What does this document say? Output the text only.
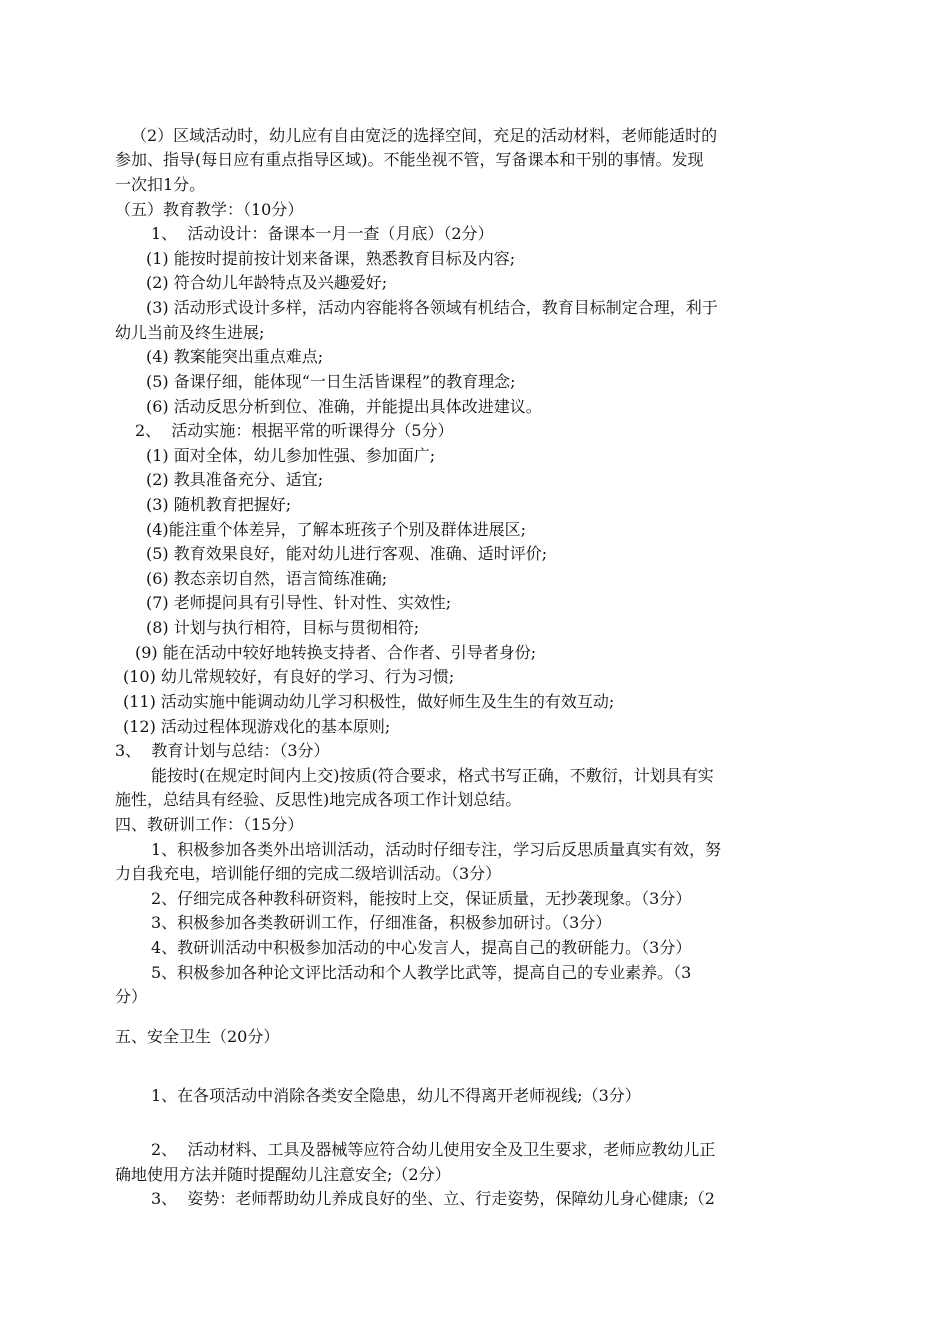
（2）区域活动时，幼儿应有自由宽泛的选择空间，充足的活动材料，老师能适时的
参加、指导(每日应有重点指导区域)。不能坐视不管，写备课本和干别的事情。发现
一次扣1分。
（五）教育教学：（10分）
1、  活动设计：备课本一月一查（月底）（2分）
(1) 能按时提前按计划来备课，熟悉教育目标及内容;
(2) 符合幼儿年龄特点及兴趣爱好;
(3) 活动形式设计多样，活动内容能将各领域有机结合，教育目标制定合理，利于
幼儿当前及终生进展;
(4) 教案能突出重点难点;
(5) 备课仔细，能体现“一日生活皆课程”的教育理念;
(6) 活动反思分析到位、准确，并能提出具体改进建议。
2、  活动实施：根据平常的听课得分（5分）
(1) 面对全体，幼儿参加性强、参加面广;
(2) 教具准备充分、适宜;
(3) 随机教育把握好;
(4)能注重个体差异，了解本班孩子个别及群体进展区;
(5) 教育效果良好，能对幼儿进行客观、准确、适时评价;
(6) 教态亲切自然，语言简练准确;
(7) 老师提问具有引导性、针对性、实效性;
(8) 计划与执行相符，目标与贯彻相符;
(9) 能在活动中较好地转换支持者、合作者、引导者身份;
(10) 幼儿常规较好，有良好的学习、行为习惯;
(11) 活动实施中能调动幼儿学习积极性，做好师生及生生的有效互动;
(12) 活动过程体现游戏化的基本原则;
3、  教育计划与总结：（3分）
能按时(在规定时间内上交)按质(符合要求，格式书写正确，不敷衍，计划具有实
施性，总结具有经验、反思性)地完成各项工作计划总结。
四、教研训工作：（15分）
1、积极参加各类外出培训活动，活动时仔细专注，学习后反思质量真实有效，努
力自我充电，培训能仔细的完成二级培训活动。（3分）
2、仔细完成各种教科研资料，能按时上交，保证质量，无抄袭现象。（3分）
3、积极参加各类教研训工作，仔细准备，积极参加研讨。（3分）
4、教研训活动中积极参加活动的中心发言人，提高自己的教研能力。（3分）
5、积极参加各种论文评比活动和个人教学比武等，提高自己的专业素养。（3
分）
五、安全卫生（20分）
1、在各项活动中消除各类安全隐患，幼儿不得离开老师视线;（3分）
2、  活动材料、工具及器械等应符合幼儿使用安全及卫生要求，老师应教幼儿正
确地使用方法并随时提醒幼儿注意安全;（2分）
3、  姿势：老师帮助幼儿养成良好的坐、立、行走姿势，保障幼儿身心健康;（2
